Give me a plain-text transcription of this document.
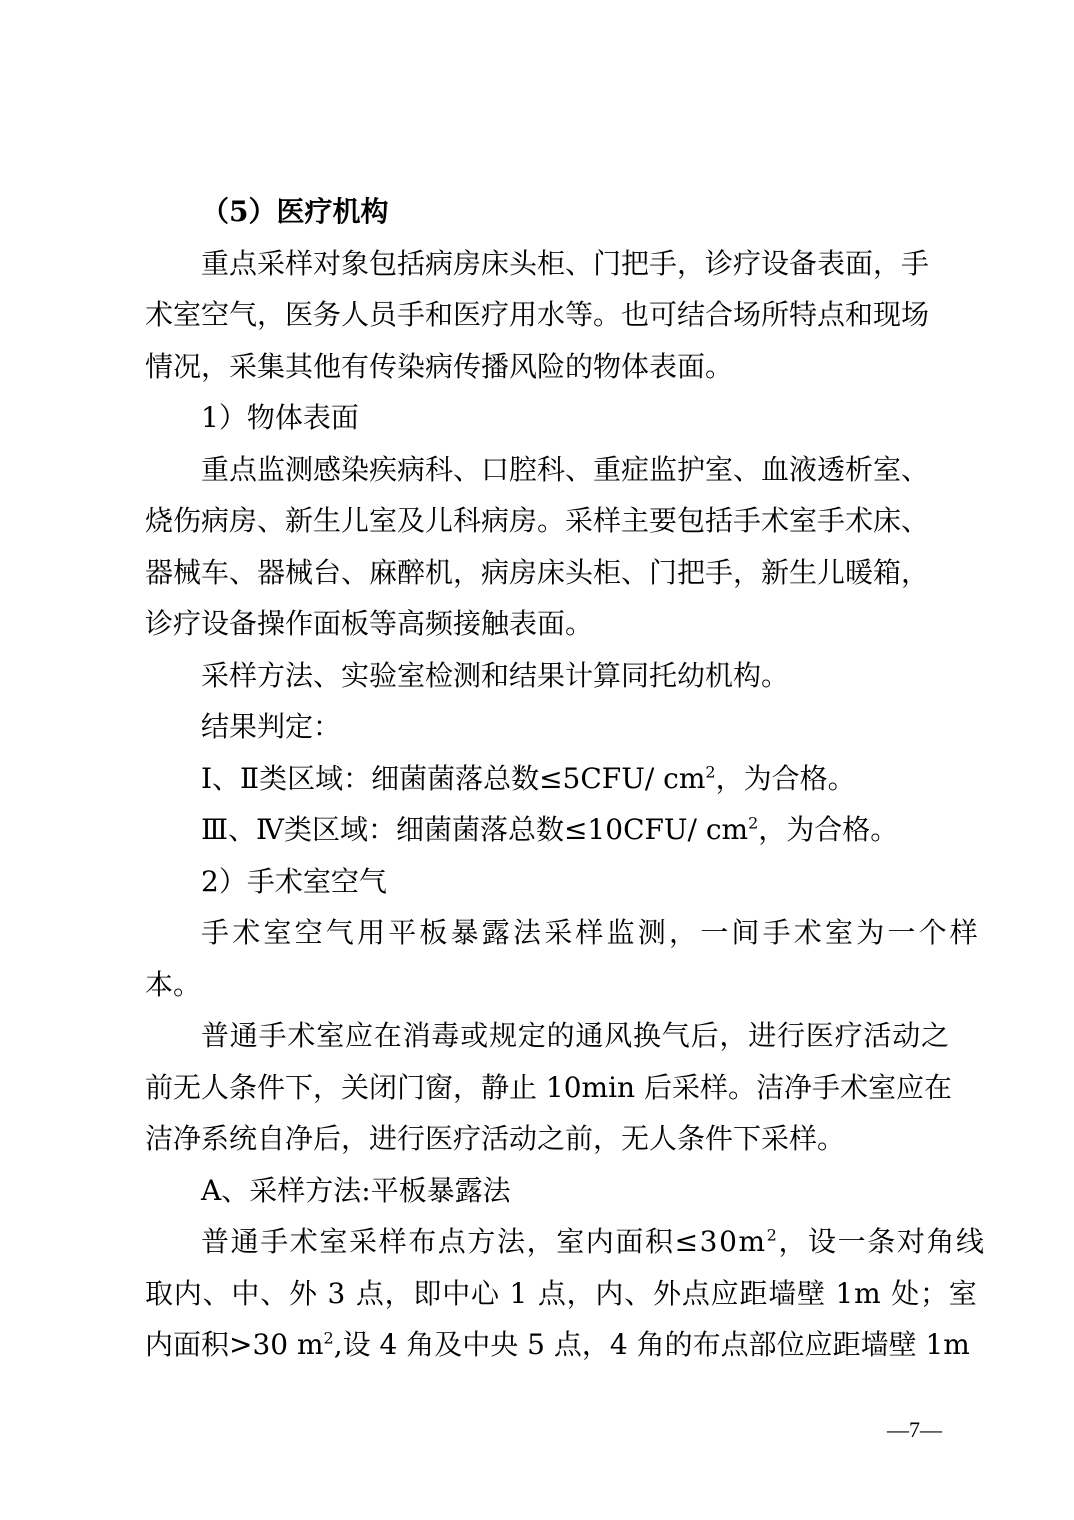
（5）医疗机构
重点采样对象包括病房床头柜、门把手，诊疗设备表面，手
术室空气，医务人员手和医疗用水等。也可结合场所特点和现场
情况，采集其他有传染病传播风险的物体表面。
1）物体表面
重点监测感染疾病科、口腔科、重症监护室、血液透析室、
烧伤病房、新生儿室及儿科病房。采样主要包括手术室手术床、
器械车、器械台、麻醉机，病房床头柜、门把手，新生儿暖箱，
诊疗设备操作面板等高频接触表面。
采样方法、实验室检测和结果计算同托幼机构。
结果判定：
Ⅰ、Ⅱ类区域：细菌菌落总数≤5CFU/ $cm^2$，为合格。
Ⅲ、Ⅳ类区域：细菌菌落总数≤10CFU/ $cm^2$，为合格。
2）手术室空气
手术室空气用平板暴露法采样监测，一间手术室为一个样
本。
普通手术室应在消毒或规定的通风换气后，进行医疗活动之
前无人条件下，关闭门窗，静止 10min 后采样。洁净手术室应在
洁净系统自净后，进行医疗活动之前，无人条件下采样。
A、采样方法:平板暴露法
普通手术室采样布点方法，室内面积$\le 30m^2$，设一条对角线
取内、中、外 3 点，即中心 1 点，内、外点应距墙壁 1m 处；室
内面积>30 $m^2$,设 4 角及中央 5 点，4 角的布点部位应距墙壁 1m
—7—
